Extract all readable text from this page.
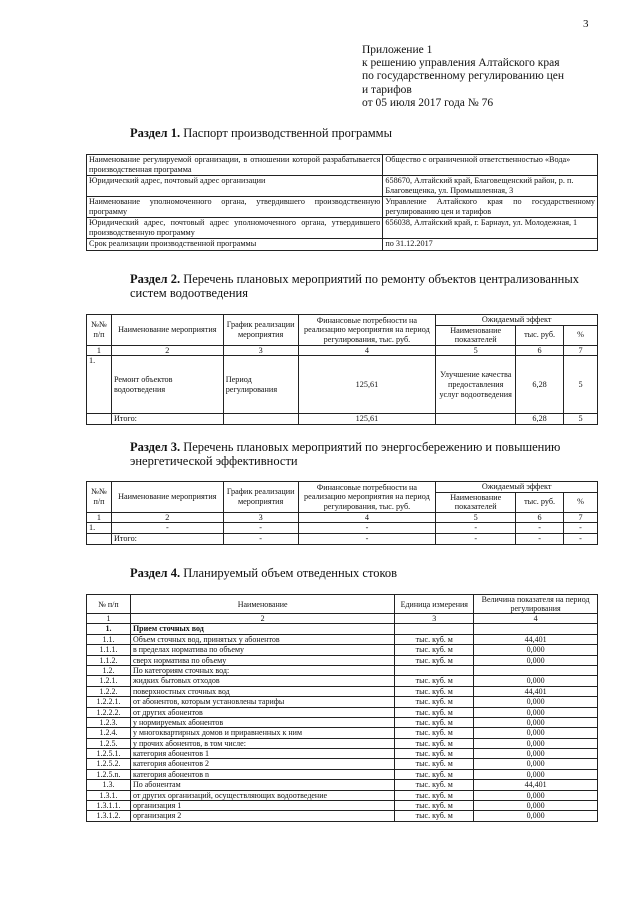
3
Приложение 1
к решению управления Алтайского края
по государственному регулированию цен
и тарифов
от 05 июля 2017 года № 76
Раздел 1. Паспорт производственной программы
Наименование регулируемой организации, в отношении которой разрабатывается производственная программа	Общество с ограниченной ответственностью «Вода»
Юридический адрес, почтовый адрес организации	658670, Алтайский край, Благовещенский район, р. п. Благовещенка, ул. Промышленная, 3
Наименование уполномоченного органа, утвердившего производственную программу	Управление Алтайского края по государственному регулированию цен и тарифов
Юридический адрес, почтовый адрес уполномоченного органа, утвердившего производственную программу	656038, Алтайский край, г. Барнаул, ул. Молодежная, 1
Срок реализации производственной программы	по 31.12.2017
Раздел 2. Перечень плановых мероприятий по ремонту объектов централизованных систем водоотведения
№№ п/п	Наименование мероприятия	График реализации мероприятия	Финансовые потребности на реализацию мероприятия на период регулирования, тыс. руб.	Ожидаемый эффект		
				Наименование показателей	тыс. руб.	%
1	2	3	4	5	6	7
1.	Ремонт объектов водоотведения	Период регулирования	125,61	Улучшение качества предоставления услуг водоотведения	6,28	5
	Итого:		125,61		6,28	5
Раздел 3. Перечень плановых мероприятий по энергосбережению и повышению энергетической эффективности
№№ п/п	Наименование мероприятия	График реализации мероприятия	Финансовые потребности на реализацию мероприятия на период регулирования, тыс. руб.	Ожидаемый эффект		
				Наименование показателей	тыс. руб.	%
1	2	3	4	5	6	7
1.	-	-	-	-	-	-
	Итого:	-	-	-	-	-
Раздел 4. Планируемый объем отведенных стоков
№ п/п	Наименование	Единица измерения	Величина показателя на период регулирования
1	2	3	4
1.	Прием сточных вод		
1.1.	Объем сточных вод, принятых у абонентов	тыс. куб. м	44,401
1.1.1.	в пределах норматива по объему	тыс. куб. м	0,000
1.1.2.	сверх норматива по объему	тыс. куб. м	0,000
1.2.	По категориям сточных вод:		
1.2.1.	жидких бытовых отходов	тыс. куб. м	0,000
1.2.2.	поверхностных сточных вод	тыс. куб. м	44,401
1.2.2.1.	от абонентов, которым установлены тарифы	тыс. куб. м	0,000
1.2.2.2.	от других абонентов	тыс. куб. м	0,000
1.2.3.	у нормируемых абонентов	тыс. куб. м	0,000
1.2.4.	у многоквартирных домов и приравненных к ним	тыс. куб. м	0,000
1.2.5.	у прочих абонентов, в том числе:	тыс. куб. м	0,000
1.2.5.1.	категория абонентов 1	тыс. куб. м	0,000
1.2.5.2.	категория абонентов 2	тыс. куб. м	0,000
1.2.5.n.	категория абонентов n	тыс. куб. м	0,000
1.3.	По абонентам	тыс. куб. м	44,401
1.3.1.	от других организаций, осуществляющих водоотведение	тыс. куб. м	0,000
1.3.1.1.	организация 1	тыс. куб. м	0,000
1.3.1.2.	организация 2	тыс. куб. м	0,000
